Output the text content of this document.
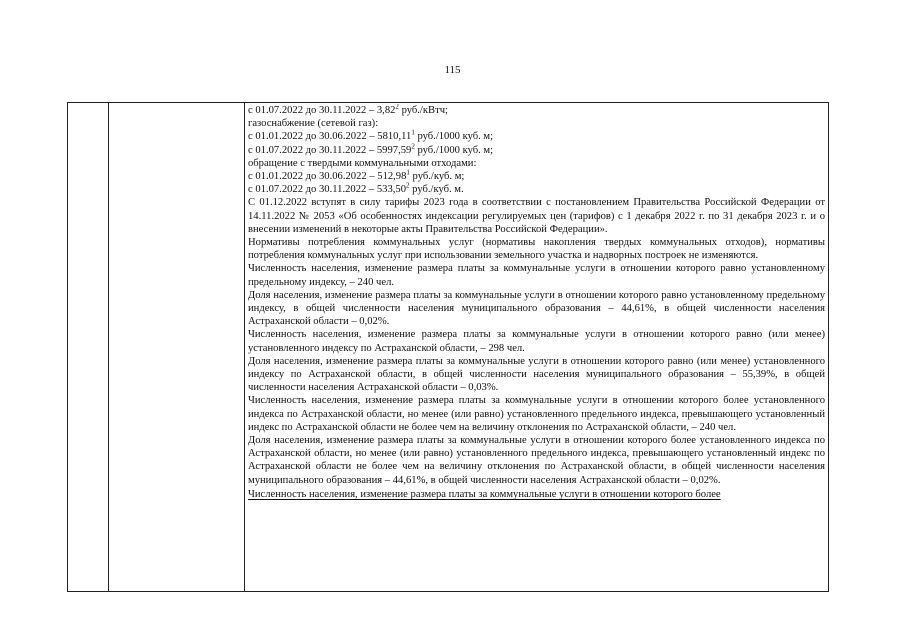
115

с 01.07.2022 до 30.11.2022 – 3,82$^2$ руб./кВтч;

газоснабжение (сетевой газ):

с 01.01.2022 до 30.06.2022 – 5810,11$^1$ руб./1000 куб. м;

с 01.07.2022 до 30.11.2022 – 5997,59$^2$ руб./1000 куб. м;

обращение с твердыми коммунальными отходами:

с 01.01.2022 до 30.06.2022 – 512,98$^1$ руб./куб. м;

с 01.07.2022 до 30.11.2022 – 533,50$^2$ руб./куб. м.

С 01.12.2022 вступят в силу тарифы 2023 года в соответствии с постановлением Правительства Российской Федерации от 14.11.2022 № 2053 «Об особенностях индексации регулируемых цен (тарифов) с 1 декабря 2022 г. по 31 декабря 2023 г. и о внесении изменений в некоторые акты Правительства Российской Федерации».

Нормативы потребления коммунальных услуг (нормативы накопления твердых коммунальных отходов), нормативы потребления коммунальных услуг при использовании земельного участка и надворных построек не изменяются.

Численность населения, изменение размера платы за коммунальные услуги в отношении которого равно установленному предельному индексу, – 240 чел.

Доля населения, изменение размера платы за коммунальные услуги в отношении которого равно установленному предельному индексу, в общей численности населения муниципального образования – 44,61%, в общей численности населения Астраханской области – 0,02%.

Численность населения, изменение размера платы за коммунальные услуги в отношении которого равно (или менее) установленного индексу по Астраханской области, – 298 чел.

Доля населения, изменение размера платы за коммунальные услуги в отношении которого равно (или менее) установленного индексу по Астраханской области, в общей численности населения муниципального образования – 55,39%, в общей численности населения Астраханской области – 0,03%.

Численность населения, изменение размера платы за коммунальные услуги в отношении которого более установленного индекса по Астраханской области, но менее (или равно) установленного предельного индекса, превышающего установленный индекс по Астраханской области не более чем на величину отклонения по Астраханской области, – 240 чел.

Доля населения, изменение размера платы за коммунальные услуги в отношении которого более установленного индекса по Астраханской области, но менее (или равно) установленного предельного индекса, превышающего установленный индекс по Астраханской области не более чем на величину отклонения по Астраханской области, в общей численности населения муниципального образования – 44,61%, в общей численности населения Астраханской области – 0,02%.

Численность населения, изменение размера платы за коммунальные услуги в отношении которого более
